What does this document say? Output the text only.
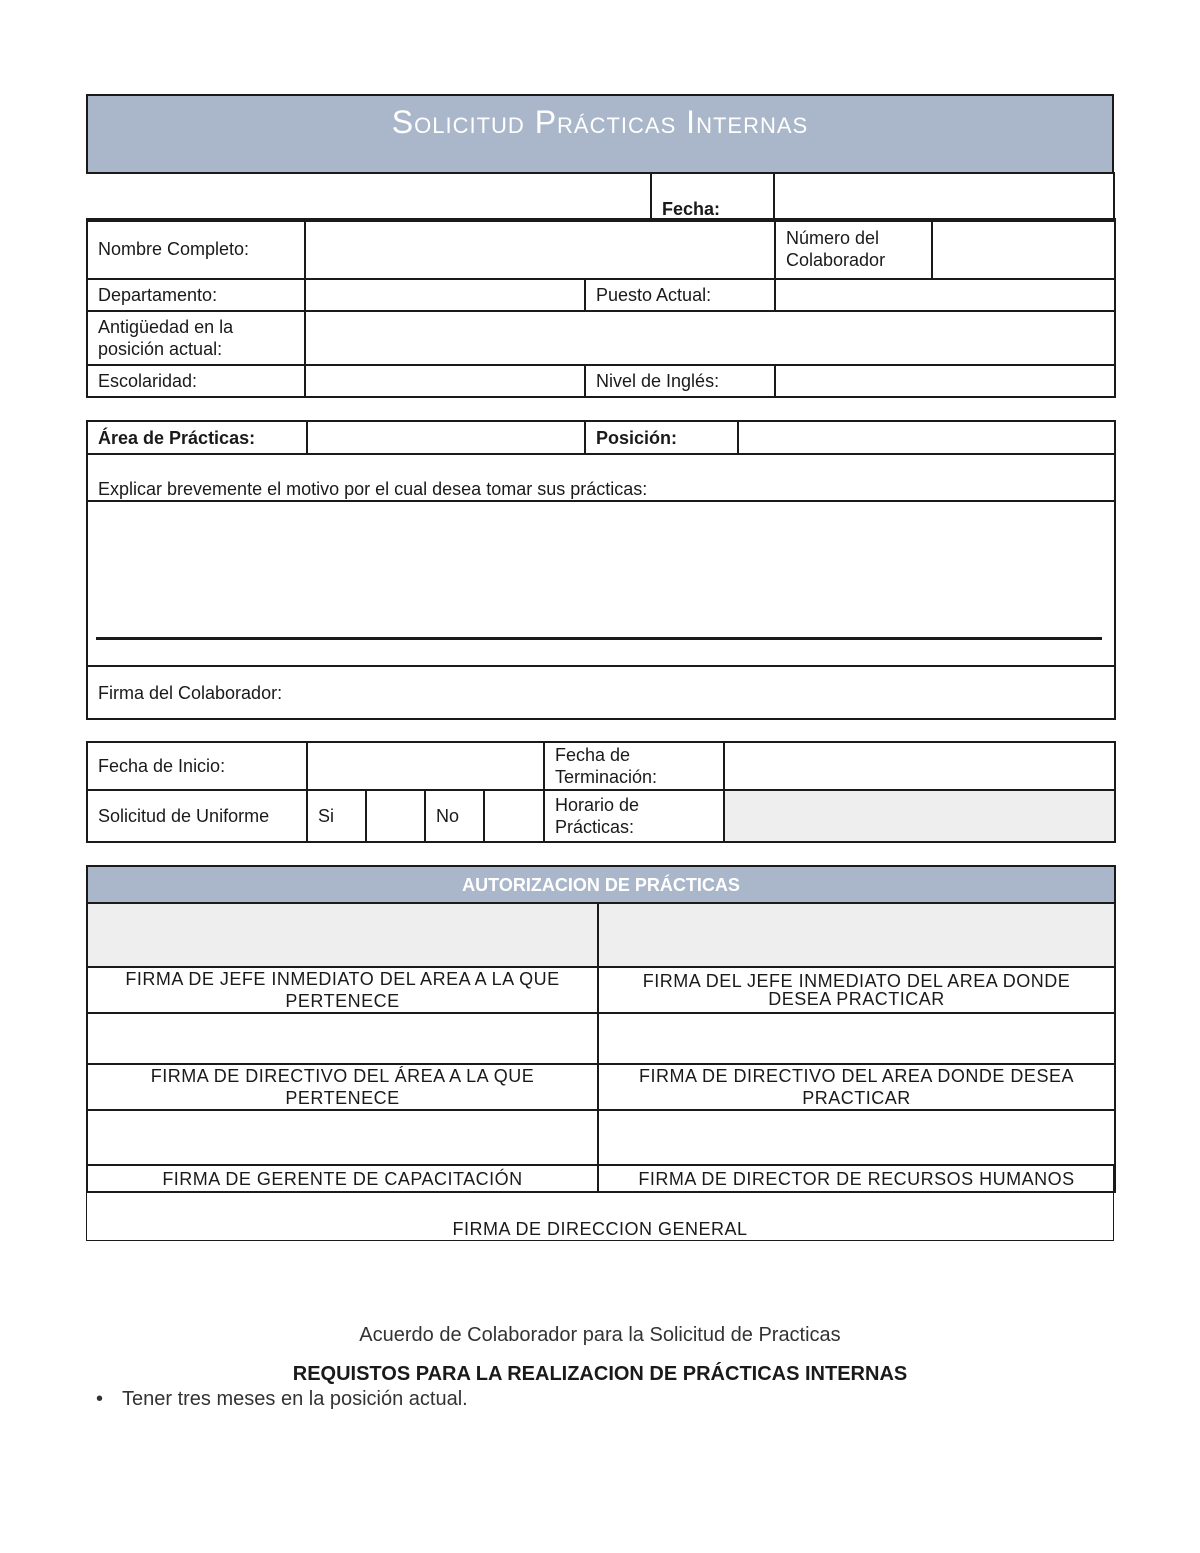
Solicitud Prácticas Internas
	Fecha:	
Nombre Completo:			Número del Colaborador	
Departamento:		Puesto Actual:		
Antigüedad en la posición actual:				
Escolaridad:		Nivel de Inglés:		
Área de Prácticas:		Posición:	
Explicar brevemente el motivo por el cual desea tomar sus prácticas:

Firma del Colaborador:
Fecha de Inicio:					Fecha de Terminación:	
Solicitud de Uniforme	Si		No		Horario de Prácticas:	
AUTORIZACION DE PRÁCTICAS	

FIRMA DE JEFE INMEDIATO DEL AREA A LA QUE PERTENECE	FIRMA DEL JEFE INMEDIATO DEL AREA DONDE DESEA PRACTICAR

FIRMA DE DIRECTIVO DEL ÁREA A LA QUE PERTENECE	FIRMA DE DIRECTIVO DEL AREA DONDE DESEA PRACTICAR

FIRMA DE GERENTE DE CAPACITACIÓN	FIRMA DE DIRECTOR DE RECURSOS HUMANOS
FIRMA DE DIRECCION GENERAL
Acuerdo de Colaborador para la Solicitud de Practicas
REQUISTOS PARA LA REALIZACION DE PRÁCTICAS INTERNAS
• Tener tres meses en la posición actual.
